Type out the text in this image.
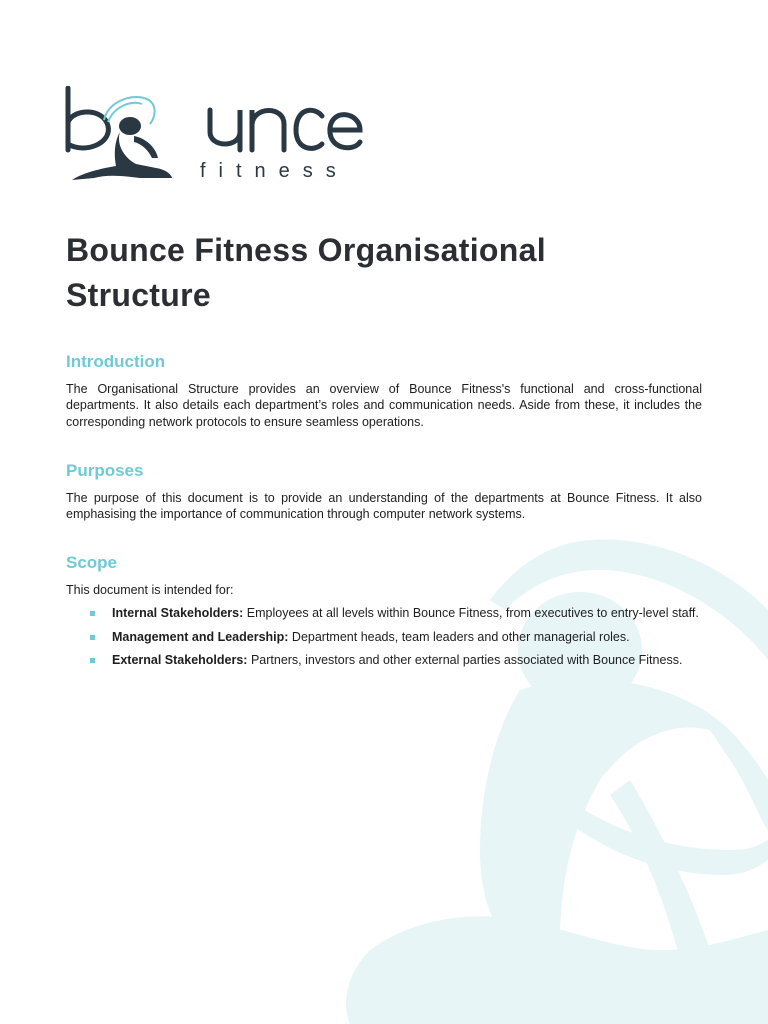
fitness
Bounce Fitness Organisational Structure
Introduction

The Organisational Structure provides an overview of Bounce Fitness's functional and cross-functional departments. It also details each department’s roles and communication needs. Aside from these, it includes the corresponding network protocols to ensure seamless operations.

Purposes

The purpose of this document is to provide an understanding of the departments at Bounce Fitness. It also emphasising the importance of communication through computer network systems.

Scope

This document is intended for:

Internal Stakeholders: Employees at all levels within Bounce Fitness, from executives to entry-level staff.
Management and Leadership: Department heads, team leaders and other managerial roles.
External Stakeholders: Partners, investors and other external parties associated with Bounce Fitness.
